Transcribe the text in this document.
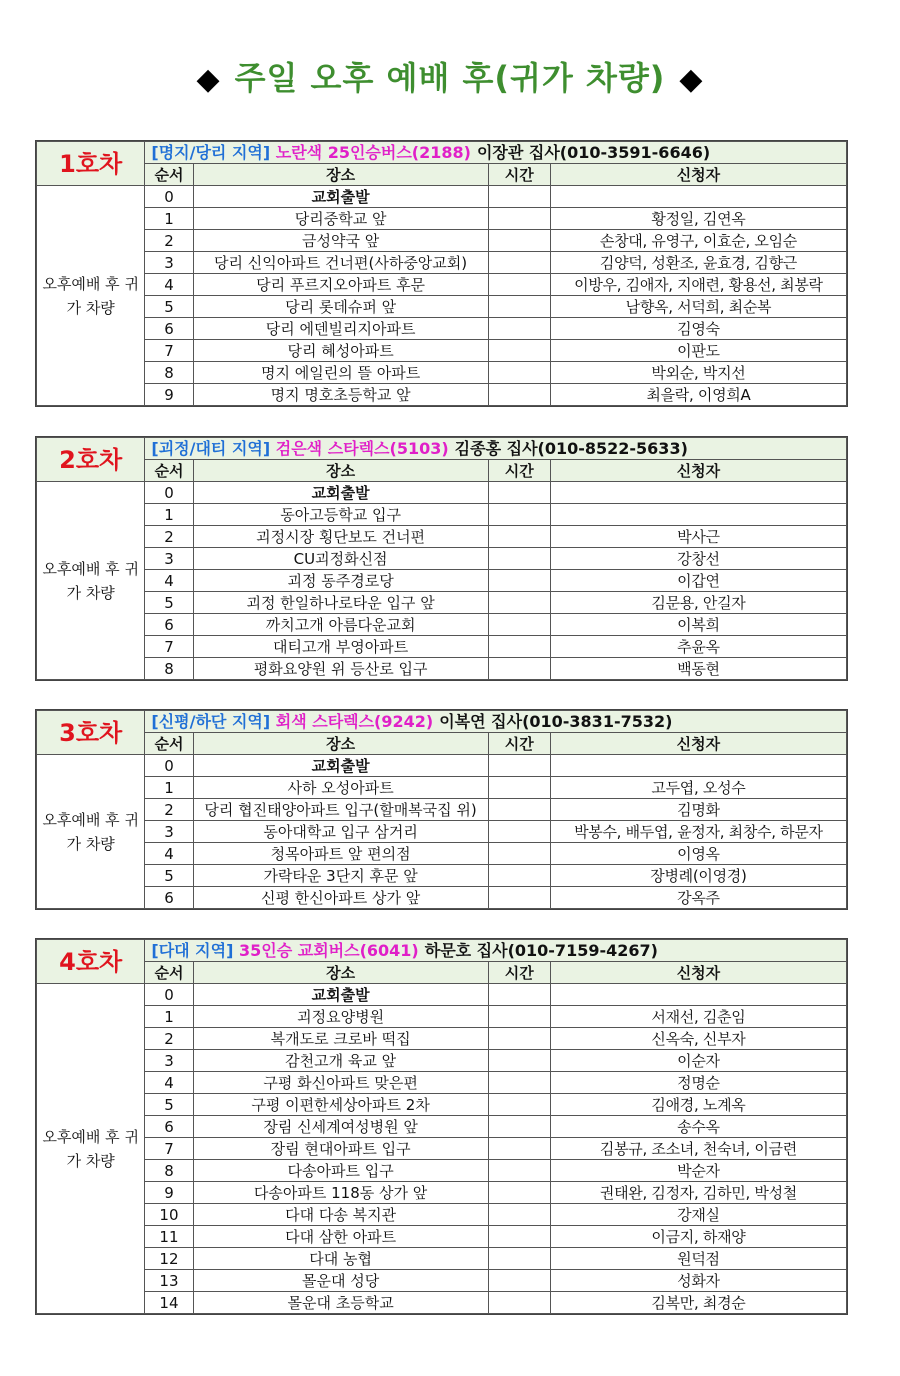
◆ 주일 오후 예배 후(귀가 차량) ◆
1호차	[명지/당리 지역] 노란색 25인승버스(2188) 이장관 집사(010-3591-6646)			
	순서	장소	시간	신청자
오후예배 후 귀가 차량	0	교회출발		
	1	당리중학교 앞		황정일, 김연옥
	2	금성약국 앞		손창대, 유영구, 이효순, 오임순
	3	당리 신익아파트 건너편(사하중앙교회)		김양덕, 성환조, 윤효경, 김향근
	4	당리 푸르지오아파트 후문		이방우, 김애자, 지애련, 황용선, 최봉락
	5	당리 롯데슈퍼 앞		남향옥, 서덕희, 최순복
	6	당리 에덴빌리지아파트		김영숙
	7	당리 혜성아파트		이판도
	8	명지 에일린의 뜰 아파트		박외순, 박지선
	9	명지 명호초등학교 앞		최을락, 이영희A
2호차	[괴정/대티 지역] 검은색 스타렉스(5103) 김종홍 집사(010-8522-5633)			
	순서	장소	시간	신청자
오후예배 후 귀가 차량	0	교회출발		
	1	동아고등학교 입구		
	2	괴정시장 횡단보도 건너편		박사근
	3	CU괴정화신점		강창선
	4	괴정 동주경로당		이갑연
	5	괴정 한일하나로타운 입구 앞		김문용, 안길자
	6	까치고개 아름다운교회		이복희
	7	대티고개 부영아파트		추윤옥
	8	평화요양원 위 등산로 입구		백동현
3호차	[신평/하단 지역] 회색 스타렉스(9242) 이복연 집사(010-3831-7532)			
	순서	장소	시간	신청자
오후예배 후 귀가 차량	0	교회출발		
	1	사하 오성아파트		고두엽, 오성수
	2	당리 협진태양아파트 입구(할매복국집 위)		김명화
	3	동아대학교 입구 삼거리		박봉수, 배두엽, 윤정자, 최창수, 하문자
	4	청목아파트 앞 편의점		이영옥
	5	가락타운 3단지 후문 앞		장병례(이영경)
	6	신평 한신아파트 상가 앞		강옥주
4호차	[다대 지역] 35인승 교회버스(6041) 하문호 집사(010-7159-4267)			
	순서	장소	시간	신청자
오후예배 후 귀가 차량	0	교회출발		
	1	괴정요양병원		서재선, 김춘임
	2	복개도로 크로바 떡집		신옥숙, 신부자
	3	감천고개 육교 앞		이순자
	4	구평 화신아파트 맞은편		정명순
	5	구평 이편한세상아파트 2차		김애경, 노계옥
	6	장림 신세계여성병원 앞		송수옥
	7	장림 현대아파트 입구		김봉규, 조소녀, 천숙녀, 이금련
	8	다송아파트 입구		박순자
	9	다송아파트 118동 상가 앞		권태완, 김정자, 김하민, 박성철
	10	다대 다송 복지관		강재실
	11	다대 삼한 아파트		이금지, 하재양
	12	다대 농협		원덕점
	13	몰운대 성당		성화자
	14	몰운대 초등학교		김복만, 최경순
